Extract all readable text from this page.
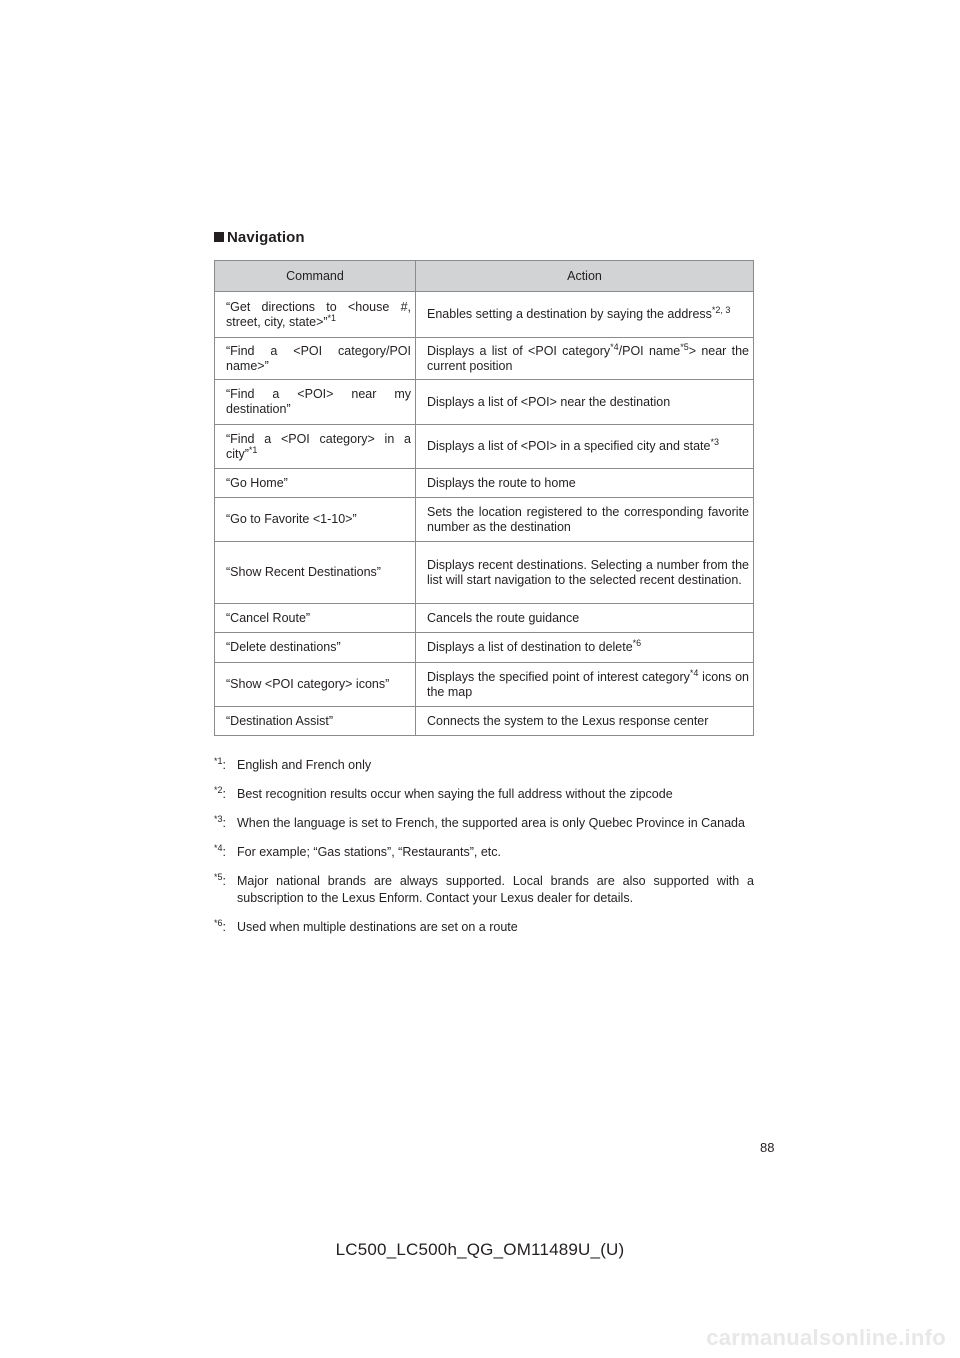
Navigation
Command	Action
“Get directions to <house #, street, city, state>”$^{*1}$	Enables setting a destination by saying the address$^{*2, 3}$
“Find a <POI category/POI name>”	Displays a list of <POI category$^{*4}$/POI name$^{*5}$> near the current position
“Find a <POI> near my destination”	Displays a list of <POI> near the destination
“Find a <POI category> in a city”$^{*1}$	Displays a list of <POI> in a specified city and state$^{*3}$
“Go Home”	Displays the route to home
“Go to Favorite <1-10>”	Sets the location registered to the corresponding favorite number as the destination
“Show Recent Destinations”	Displays recent destinations. Selecting a number from the list will start navigation to the selected recent destination.
“Cancel Route”	Cancels the route guidance
“Delete destinations”	Displays a list of destination to delete$^{*6}$
“Show <POI category> icons”	Displays the specified point of interest category$^{*4}$ icons on the map
“Destination Assist”	Connects the system to the Lexus response center
$^{*1}$: English and French only
$^{*2}$: Best recognition results occur when saying the full address without the zipcode
$^{*3}$: When the language is set to French, the supported area is only Quebec Province in Canada
$^{*4}$: For example; “Gas stations”, “Restaurants”, etc.
$^{*5}$: Major national brands are always supported. Local brands are also supported with a subscription to the Lexus Enform. Contact your Lexus dealer for details.
$^{*6}$: Used when multiple destinations are set on a route
88
LC500_LC500h_QG_OM11489U_(U)
carmanualsonline.info
